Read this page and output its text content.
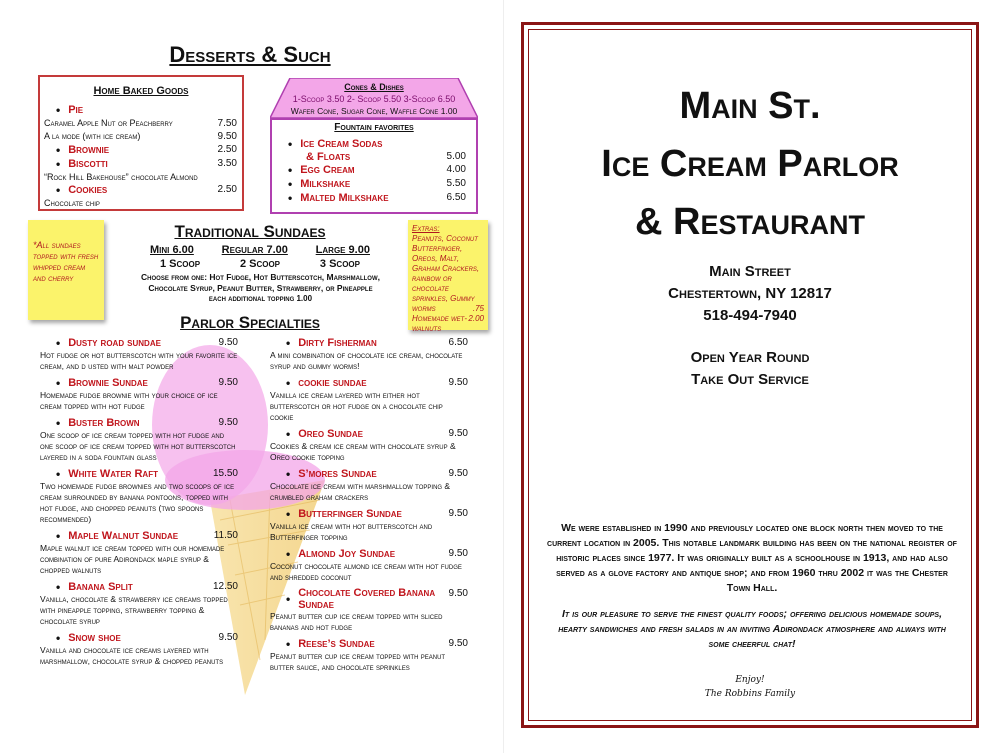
Desserts & Such
Home Baked Goods
• Pie
Caramel Apple Nut or Peachberry	7.50
A la mode (with ice cream)	9.50
• Brownie	2.50
• Biscotti	3.50
“Rock Hill Bakehouse” chocolate Almond
• Cookies	2.50
Chocolate chip
Cones & Dishes
1-Scoop 3.50 2- Scoop 5.50 3-Scoop 6.50
Wafer Cone, Sugar Cone, Waffle Cone 1.00
Fountain favorites
• Ice Cream Sodas
& Floats	5.00
• Egg Cream	4.00
• Milkshake	5.50
• Malted Milkshake	6.50
*All sundaes topped with fresh whipped cream and cherry
Extras:
Peanuts, Coconut Butterfinger, Oreos, Malt, Graham Crackers, rainbow or chocolate sprinkles, Gummy worms	.75
Homemade wet-walnuts
2.00
Traditional Sundaes
Mini 6.00	Regular 7.00	Large 9.00
1 Scoop	2 Scoop	3 Scoop
Choose from one: Hot Fudge, Hot Butterscotch, Marshmallow, Chocolate Syrup, Peanut Butter, Strawberry, or Pineapple
each additional topping 1.00
Parlor Specialties
• Dusty road sundae	9.50
Hot fudge or hot butterscotch with your favorite ice cream, and d usted with malt powder
• Brownie Sundae	9.50
Homemade fudge brownie with your choice of ice cream topped with hot fudge
• Buster Brown	9.50
One scoop of ice cream topped with hot fudge and one scoop of ice cream topped with hot butterscotch layered in a soda fountain glass
• White Water Raft	15.50
Two homemade fudge brownies and two scoops of ice cream surrounded by banana pontoons, topped with hot fudge, and chopped peanuts (two spoons recommended)
• Maple Walnut Sundae	11.50
Maple walnut ice cream topped with our homemade combination of pure Adirondack maple syrup & chopped walnuts
• Banana Split	12.50
Vanilla, chocolate & strawberry ice creams topped with pineapple topping, strawberry topping & chocolate syrup
• Snow shoe	9.50
Vanilla and chocolate ice creams layered with marshmallow, chocolate syrup & chopped peanuts
• Dirty Fisherman	6.50
A mini combination of chocolate ice cream, chocolate syrup and gummy worms!
• cookie sundae	9.50
Vanilla ice cream layered with either hot butterscotch or hot fudge on a chocolate chip cookie
• Oreo Sundae	9.50
Cookies & cream ice cream with chocolate syrup & Oreo cookie topping
• S’mores Sundae	9.50
Chocolate ice cream with marshmallow topping & crumbled graham crackers
• Butterfinger Sundae	9.50
Vanilla ice cream with hot butterscotch and Butterfinger topping
• Almond Joy Sundae	9.50
Coconut chocolate almond ice cream with hot fudge and shredded coconut
• Chocolate Covered Banana Sundae
9.50
Peanut butter cup ice cream topped with sliced bananas and hot fudge
• Reese’s Sundae	9.50
Peanut butter cup ice cream topped with peanut butter sauce, and chocolate sprinkles
Main St.
Ice Cream Parlor
& Restaurant
Main Street
Chestertown, NY 12817
518-494-7940
Open Year Round
Take Out Service
We were established in 1990 and previously located one block north then moved to the current location in 2005. This notable landmark building has been on the national register of historic places since 1977. It was originally built as a schoolhouse in 1913, and had also served as a glove factory and antique shop; and from 1960 thru 2002 it was the Chester Town Hall.
It is our pleasure to serve the finest quality foods; offering delicious homemade soups, hearty sandwiches and fresh salads in an inviting Adirondack atmosphere and always with some cheerful chat!
Enjoy!
The Robbins Family
